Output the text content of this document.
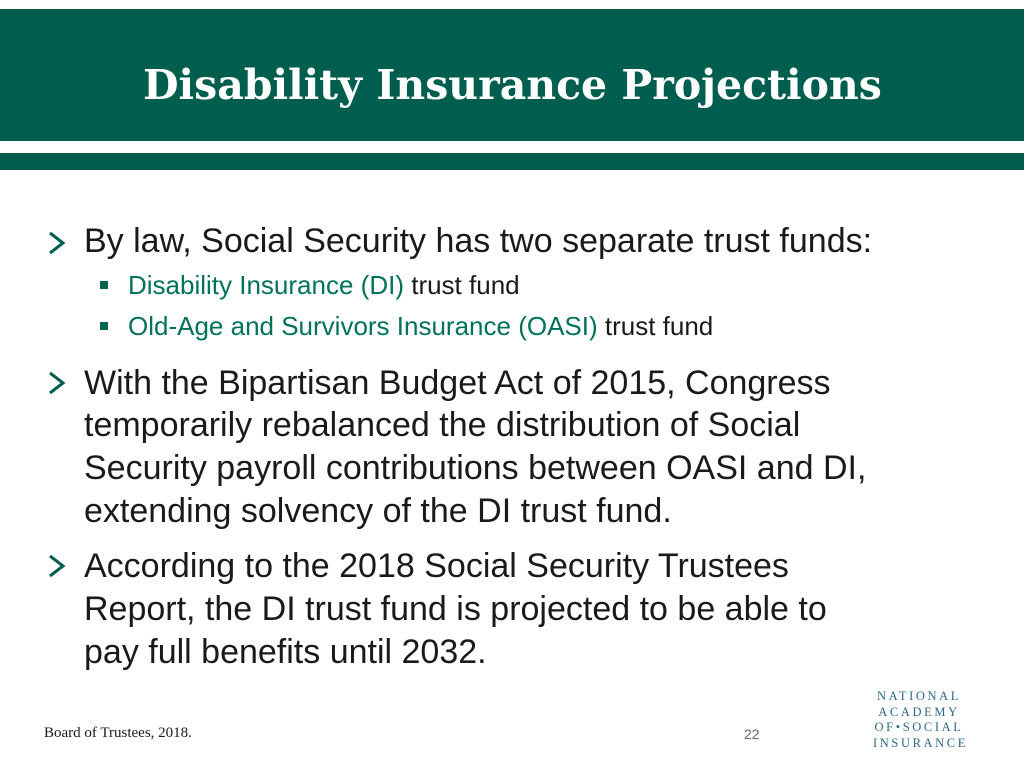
Disability Insurance Projections
By law, Social Security has two separate trust funds:
Disability Insurance (DI) trust fund
Old-Age and Survivors Insurance (OASI) trust fund
With the Bipartisan Budget Act of 2015, Congress
temporarily rebalanced the distribution of Social
Security payroll contributions between OASI and DI,
extending solvency of the DI trust fund.
According to the 2018 Social Security Trustees
Report, the DI trust fund is projected to be able to
pay full benefits until 2032.
Board of Trustees, 2018.	22
NATIONAL
ACADEMY
OF•SOCIAL
INSURANCE
